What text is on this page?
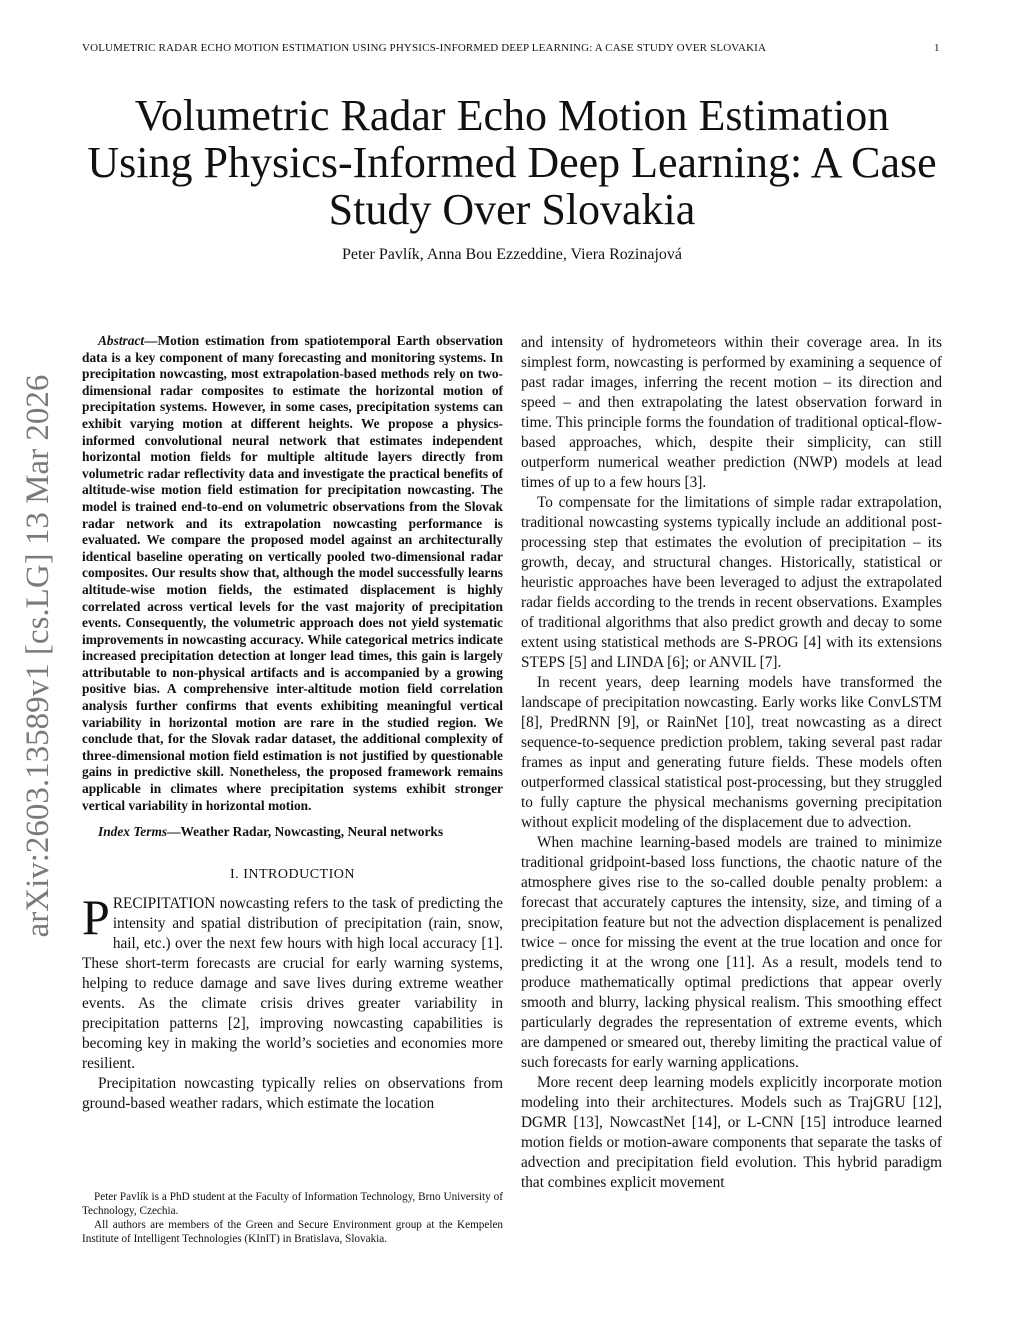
VOLUMETRIC RADAR ECHO MOTION ESTIMATION USING PHYSICS-INFORMED DEEP LEARNING: A CASE STUDY OVER SLOVAKIA	1
arXiv:2603.13589v1 [cs.LG] 13 Mar 2026
Volumetric Radar Echo Motion Estimation Using Physics-Informed Deep Learning: A Case Study Over Slovakia
Peter Pavlík, Anna Bou Ezzeddine, Viera Rozinajová

Abstract—Motion estimation from spatiotemporal Earth observation data is a key component of many forecasting and monitoring systems. In precipitation nowcasting, most extrapolation-based methods rely on two-dimensional radar composites to estimate the horizontal motion of precipitation systems. However, in some cases, precipitation systems can exhibit varying motion at different heights. We propose a physics-informed convolutional neural network that estimates independent horizontal motion fields for multiple altitude layers directly from volumetric radar reflectivity data and investigate the practical benefits of altitude-wise motion field estimation for precipitation nowcasting. The model is trained end-to-end on volumetric observations from the Slovak radar network and its extrapolation nowcasting performance is evaluated. We compare the proposed model against an architecturally identical baseline operating on vertically pooled two-dimensional radar composites. Our results show that, although the model successfully learns altitude-wise motion fields, the estimated displacement is highly correlated across vertical levels for the vast majority of precipitation events. Consequently, the volumetric approach does not yield systematic improvements in nowcasting accuracy. While categorical metrics indicate increased precipitation detection at longer lead times, this gain is largely attributable to non-physical artifacts and is accompanied by a growing positive bias. A comprehensive inter-altitude motion field correlation analysis further confirms that events exhibiting meaningful vertical variability in horizontal motion are rare in the studied region. We conclude that, for the Slovak radar dataset, the additional complexity of three-dimensional motion field estimation is not justified by questionable gains in predictive skill. Nonetheless, the proposed framework remains applicable in climates where precipitation systems exhibit stronger vertical variability in horizontal motion.

Index Terms—Weather Radar, Nowcasting, Neural networks

I. INTRODUCTION

PRECIPITATION nowcasting refers to the task of predicting the intensity and spatial distribution of precipitation (rain, snow, hail, etc.) over the next few hours with high local accuracy [1]. These short-term forecasts are crucial for early warning systems, helping to reduce damage and save lives during extreme weather events. As the climate crisis drives greater variability in precipitation patterns [2], improving nowcasting capabilities is becoming key in making the world’s societies and economies more resilient.

Precipitation nowcasting typically relies on observations from ground-based weather radars, which estimate the location

and intensity of hydrometeors within their coverage area. In its simplest form, nowcasting is performed by examining a sequence of past radar images, inferring the recent motion – its direction and speed – and then extrapolating the latest observation forward in time. This principle forms the foundation of traditional optical-flow-based approaches, which, despite their simplicity, can still outperform numerical weather prediction (NWP) models at lead times of up to a few hours [3].

To compensate for the limitations of simple radar extrapolation, traditional nowcasting systems typically include an additional post-processing step that estimates the evolution of precipitation – its growth, decay, and structural changes. Historically, statistical or heuristic approaches have been leveraged to adjust the extrapolated radar fields according to the trends in recent observations. Examples of traditional algorithms that also predict growth and decay to some extent using statistical methods are S-PROG [4] with its extensions STEPS [5] and LINDA [6]; or ANVIL [7].

In recent years, deep learning models have transformed the landscape of precipitation nowcasting. Early works like ConvLSTM [8], PredRNN [9], or RainNet [10], treat nowcasting as a direct sequence-to-sequence prediction problem, taking several past radar frames as input and generating future fields. These models often outperformed classical statistical post-processing, but they struggled to fully capture the physical mechanisms governing precipitation without explicit modeling of the displacement due to advection.

When machine learning-based models are trained to minimize traditional gridpoint-based loss functions, the chaotic nature of the atmosphere gives rise to the so-called double penalty problem: a forecast that accurately captures the intensity, size, and timing of a precipitation feature but not the advection displacement is penalized twice – once for missing the event at the true location and once for predicting it at the wrong one [11]. As a result, models tend to produce mathematically optimal predictions that appear overly smooth and blurry, lacking physical realism. This smoothing effect particularly degrades the representation of extreme events, which are dampened or smeared out, thereby limiting the practical value of such forecasts for early warning applications.

More recent deep learning models explicitly incorporate motion modeling into their architectures. Models such as TrajGRU [12], DGMR [13], NowcastNet [14], or L-CNN [15] introduce learned motion fields or motion-aware components that separate the tasks of advection and precipitation field evolution. This hybrid paradigm that combines explicit movement

Peter Pavlík is a PhD student at the Faculty of Information Technology, Brno University of Technology, Czechia.

All authors are members of the Green and Secure Environment group at the Kempelen Institute of Intelligent Technologies (KInIT) in Bratislava, Slovakia.
